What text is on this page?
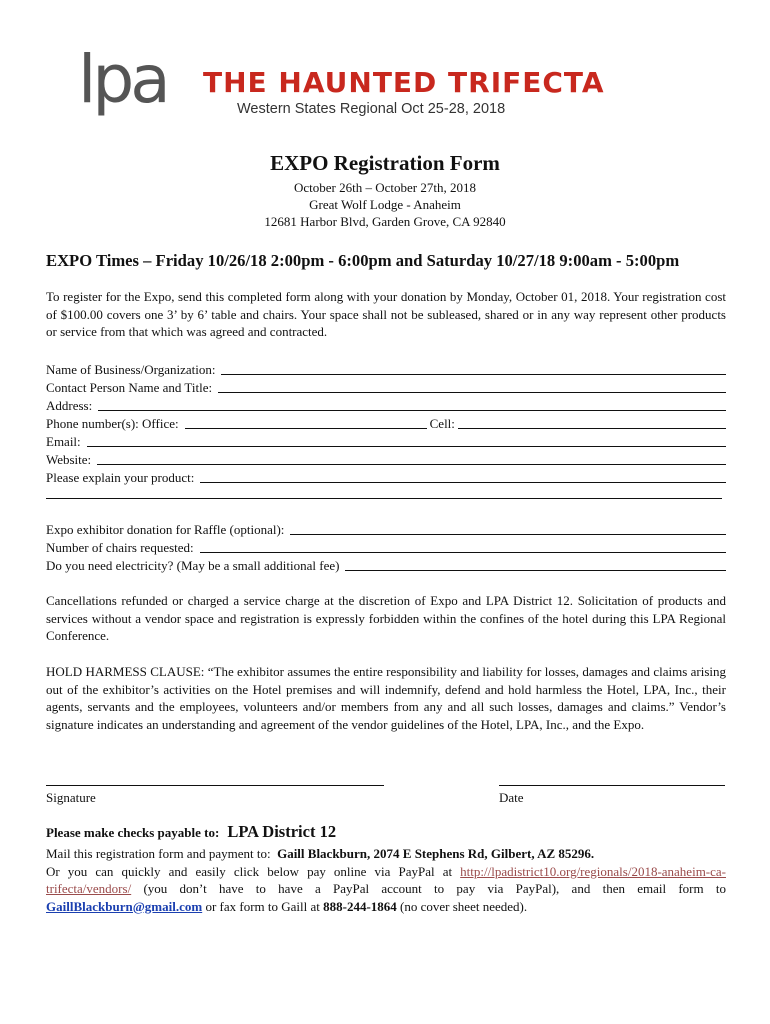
lpa THE HAUNTED TRIFECTA
Western States Regional Oct 25-28, 2018
EXPO Registration Form
October 26th – October 27th, 2018
Great Wolf Lodge - Anaheim
12681 Harbor Blvd, Garden Grove, CA 92840
EXPO Times – Friday 10/26/18 2:00pm - 6:00pm and Saturday 10/27/18 9:00am - 5:00pm

To register for the Expo, send this completed form along with your donation by Monday, October 01, 2018. Your registration cost of $100.00 covers one 3’ by 6’ table and chairs. Your space shall not be subleased, shared or in any way represent other products or service from that which was agreed and contracted.

Name of Business/Organization:
Contact Person Name and Title:
Address:
Phone number(s): Office:	Cell:
Email:
Website:
Please explain your product:
Expo exhibitor donation for Raffle (optional):
Number of chairs requested:
Do you need electricity? (May be a small additional fee)

Cancellations refunded or charged a service charge at the discretion of Expo and LPA District 12. Solicitation of products and services without a vendor space and registration is expressly forbidden within the confines of the hotel during this LPA Regional Conference.

HOLD HARMESS CLAUSE: “The exhibitor assumes the entire responsibility and liability for losses, damages and claims arising out of the exhibitor’s activities on the Hotel premises and will indemnify, defend and hold harmless the Hotel, LPA, Inc., their agents, servants and the employees, volunteers and/or members from any and all such losses, damages and claims.” Vendor’s signature indicates an understanding and agreement of the vendor guidelines of the Hotel, LPA, Inc., and the Expo.

Signature	Date
Please make checks payable to: LPA District 12

Mail this registration form and payment to: Gaill Blackburn, 2074 E Stephens Rd, Gilbert, AZ 85296.
Or you can quickly and easily click below pay online via PayPal at http://lpadistrict10.org/regionals/2018-anaheim-ca-trifecta/vendors/ (you don’t have to have a PayPal account to pay via PayPal), and then email form to GaillBlackburn@gmail.com or fax form to Gaill at 888-244-1864 (no cover sheet needed).
